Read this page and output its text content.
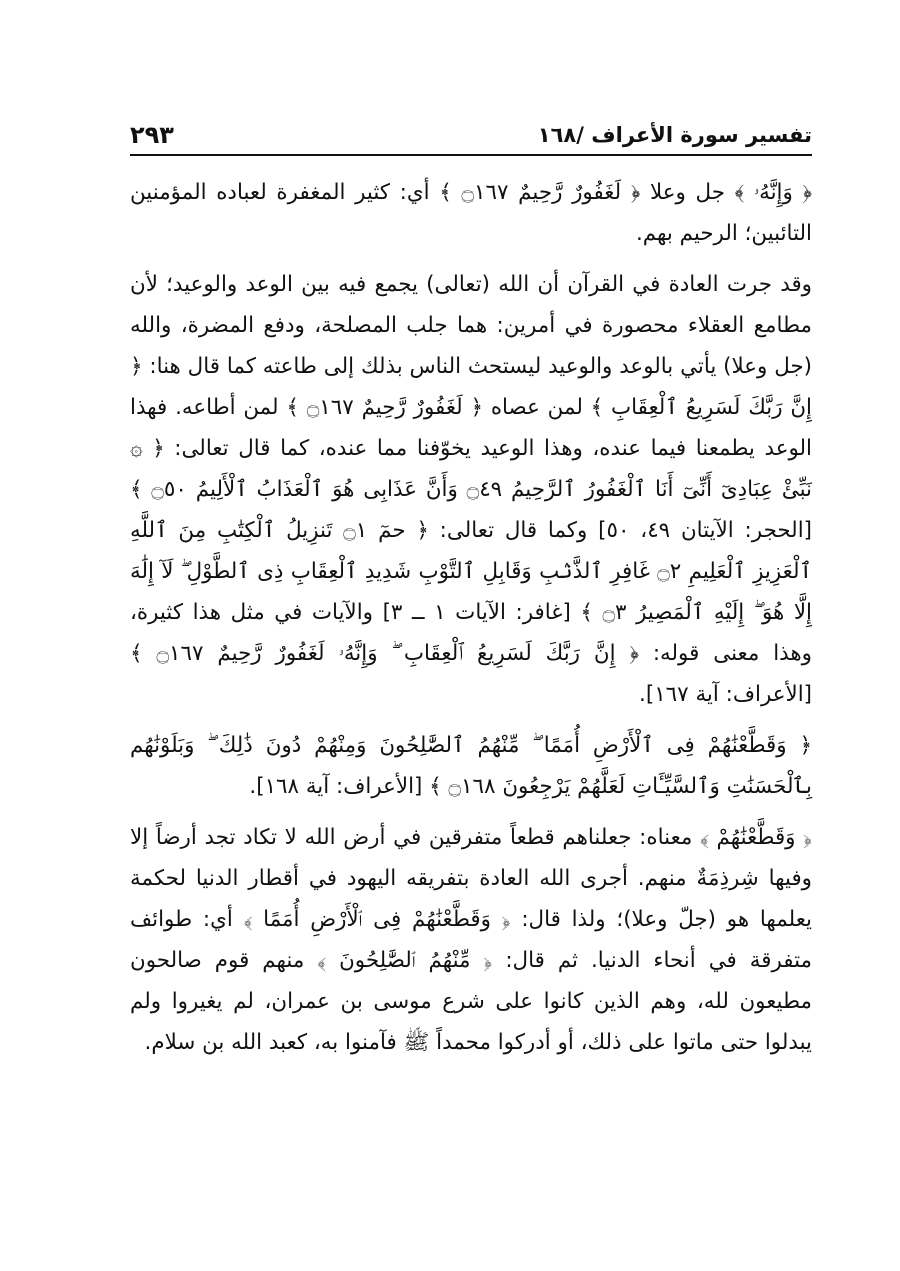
تفسير سورة الأعراف /١٦٨
٢٩٣

﴿ وَإِنَّهُۥ ﴾ جل وعلا ﴿ لَغَفُورٌ رَّحِيمٌ ۝١٦٧ ﴾ أي: كثير المغفرة لعباده المؤمنين التائبين؛ الرحيم بهم.

وقد جرت العادة في القرآن أن الله (تعالى) يجمع فيه بين الوعد والوعيد؛ لأن مطامع العقلاء محصورة في أمرين: هما جلب المصلحة، ودفع المضرة، والله (جل وعلا) يأتي بالوعد والوعيد ليستحث الناس بذلك إلى طاعته كما قال هنا: ﴿ إِنَّ رَبَّكَ لَسَرِيعُ ٱلْعِقَابِ ﴾ لمن عصاه ﴿ لَغَفُورٌ رَّحِيمٌ ۝١٦٧ ﴾ لمن أطاعه. فهذا الوعد يطمعنا فيما عنده، وهذا الوعيد يخوّفنا مما عنده، كما قال تعالى: ﴿ ۞ نَبِّئْ عِبَادِىٓ أَنِّىٓ أَنَا ٱلْغَفُورُ ٱلرَّحِيمُ ۝٤٩ وَأَنَّ عَذَابِى هُوَ ٱلْعَذَابُ ٱلْأَلِيمُ ۝٥٠ ﴾ [الحجر: الآيتان ٤٩، ٥٠] وكما قال تعالى: ﴿ حمٓ ۝١ تَنزِيلُ ٱلْكِتَٰبِ مِنَ ٱللَّهِ ٱلْعَزِيزِ ٱلْعَلِيمِ ۝٢ غَافِرِ ٱلذَّنۢبِ وَقَابِلِ ٱلتَّوْبِ شَدِيدِ ٱلْعِقَابِ ذِى ٱلطَّوْلِ ۖ لَآ إِلَٰهَ إِلَّا هُوَ ۖ إِلَيْهِ ٱلْمَصِيرُ ۝٣ ﴾ [غافر: الآيات ١ ــ ٣] والآيات في مثل هذا كثيرة، وهذا معنى قوله: ﴿ إِنَّ رَبَّكَ لَسَرِيعُ ٱلْعِقَابِ ۖ وَإِنَّهُۥ لَغَفُورٌ رَّحِيمٌ ۝١٦٧ ﴾ [الأعراف: آية ١٦٧].

﴿ وَقَطَّعْنَٰهُمْ فِى ٱلْأَرْضِ أُمَمًا ۖ مِّنْهُمُ ٱلصَّٰلِحُونَ وَمِنْهُمْ دُونَ ذَٰلِكَ ۖ وَبَلَوْنَٰهُم بِٱلْحَسَنَٰتِ وَٱلسَّيِّـَٔاتِ لَعَلَّهُمْ يَرْجِعُونَ ۝١٦٨ ﴾ [الأعراف: آية ١٦٨].

﴿ وَقَطَّعْنَٰهُمْ ﴾ معناه: جعلناهم قطعاً متفرقين في أرض الله لا تكاد تجد أرضاً إلا وفيها شِرذِمَةٌ منهم. أجرى الله العادة بتفريقه اليهود في أقطار الدنيا لحكمة يعلمها هو (جلّ وعلا)؛ ولذا قال: ﴿ وَقَطَّعْنَٰهُمْ فِى ٱلْأَرْضِ أُمَمًا ﴾ أي: طوائف متفرقة في أنحاء الدنيا. ثم قال: ﴿ مِّنْهُمُ ٱلصَّٰلِحُونَ ﴾ منهم قوم صالحون مطيعون لله، وهم الذين كانوا على شرع موسى بن عمران، لم يغيروا ولم يبدلوا حتى ماتوا على ذلك، أو أدركوا محمداً ﷺ فآمنوا به، كعبد الله بن سلام.
